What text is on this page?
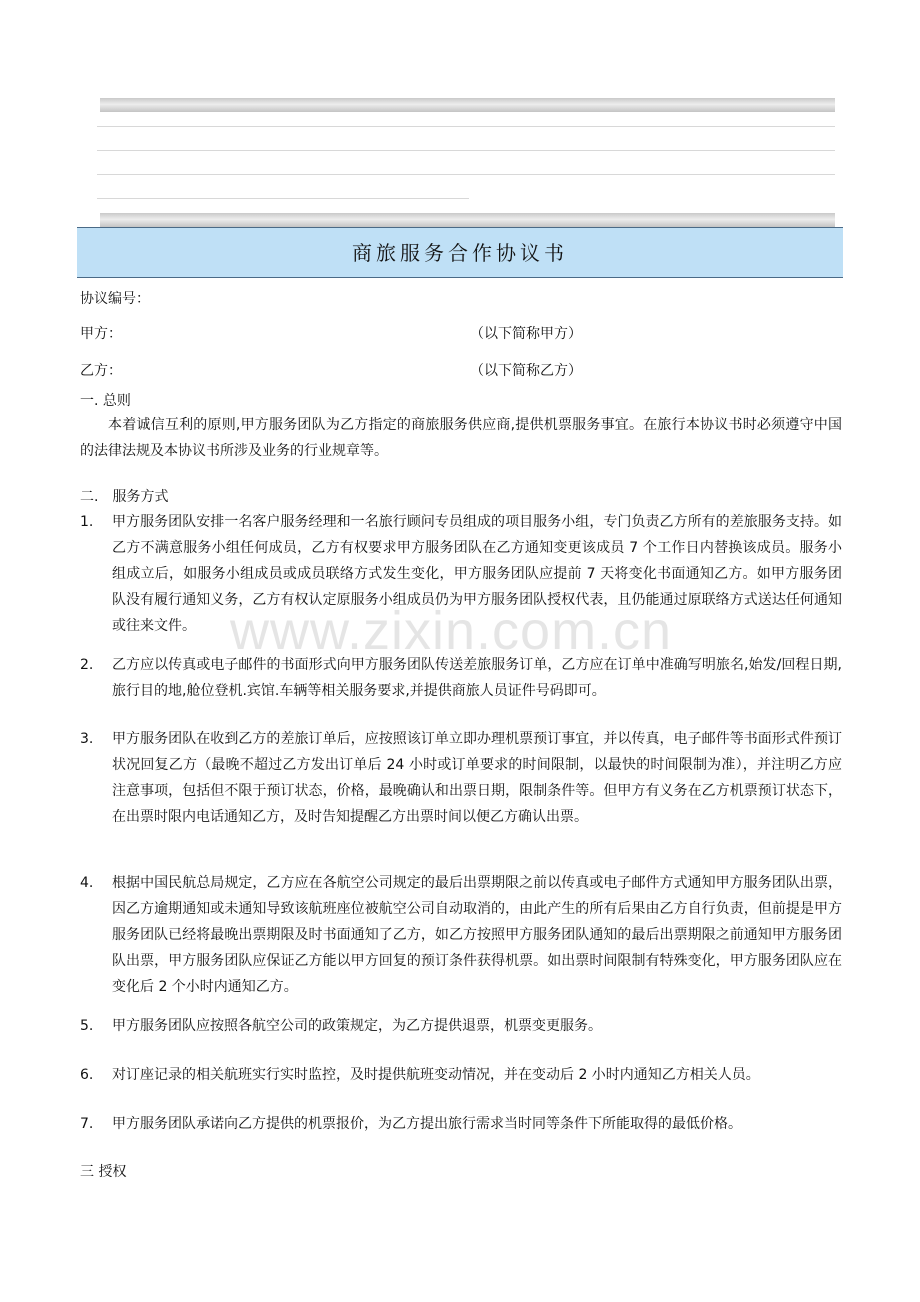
商旅服务合作协议书
www.zixin.com.cn
协议编号：
甲方：	（以下简称甲方）
乙方：	（以下简称乙方）
一. 总则
本着诚信互利的原则,甲方服务团队为乙方指定的商旅服务供应商,提供机票服务事宜。在旅行本协议书时必须遵守中国的法律法规及本协议书所涉及业务的行业规章等。
二.　服务方式
1. 甲方服务团队安排一名客户服务经理和一名旅行顾问专员组成的项目服务小组，专门负责乙方所有的差旅服务支持。如乙方不满意服务小组任何成员，乙方有权要求甲方服务团队在乙方通知变更该成员 7 个工作日内替换该成员。服务小组成立后，如服务小组成员或成员联络方式发生变化，甲方服务团队应提前 7 天将变化书面通知乙方。如甲方服务团队没有履行通知义务，乙方有权认定原服务小组成员仍为甲方服务团队授权代表，且仍能通过原联络方式送达任何通知或往来文件。
2. 乙方应以传真或电子邮件的书面形式向甲方服务团队传送差旅服务订单，乙方应在订单中准确写明旅名,始发/回程日期,旅行目的地,舱位登机.宾馆.车辆等相关服务要求,并提供商旅人员证件号码即可。
3. 甲方服务团队在收到乙方的差旅订单后，应按照该订单立即办理机票预订事宜，并以传真，电子邮件等书面形式件预订状况回复乙方（最晚不超过乙方发出订单后 24 小时或订单要求的时间限制，以最快的时间限制为准），并注明乙方应注意事项，包括但不限于预订状态，价格，最晚确认和出票日期，限制条件等。但甲方有义务在乙方机票预订状态下，在出票时限内电话通知乙方，及时告知提醒乙方出票时间以便乙方确认出票。
4. 根据中国民航总局规定，乙方应在各航空公司规定的最后出票期限之前以传真或电子邮件方式通知甲方服务团队出票，因乙方逾期通知或未通知导致该航班座位被航空公司自动取消的，由此产生的所有后果由乙方自行负责，但前提是甲方服务团队已经将最晚出票期限及时书面通知了乙方，如乙方按照甲方服务团队通知的最后出票期限之前通知甲方服务团队出票，甲方服务团队应保证乙方能以甲方回复的预订条件获得机票。如出票时间限制有特殊变化，甲方服务团队应在变化后 2 个小时内通知乙方。
5. 甲方服务团队应按照各航空公司的政策规定，为乙方提供退票，机票变更服务。
6. 对订座记录的相关航班实行实时监控，及时提供航班变动情况，并在变动后 2 小时内通知乙方相关人员。
7. 甲方服务团队承诺向乙方提供的机票报价，为乙方提出旅行需求当时同等条件下所能取得的最低价格。
三 授权
